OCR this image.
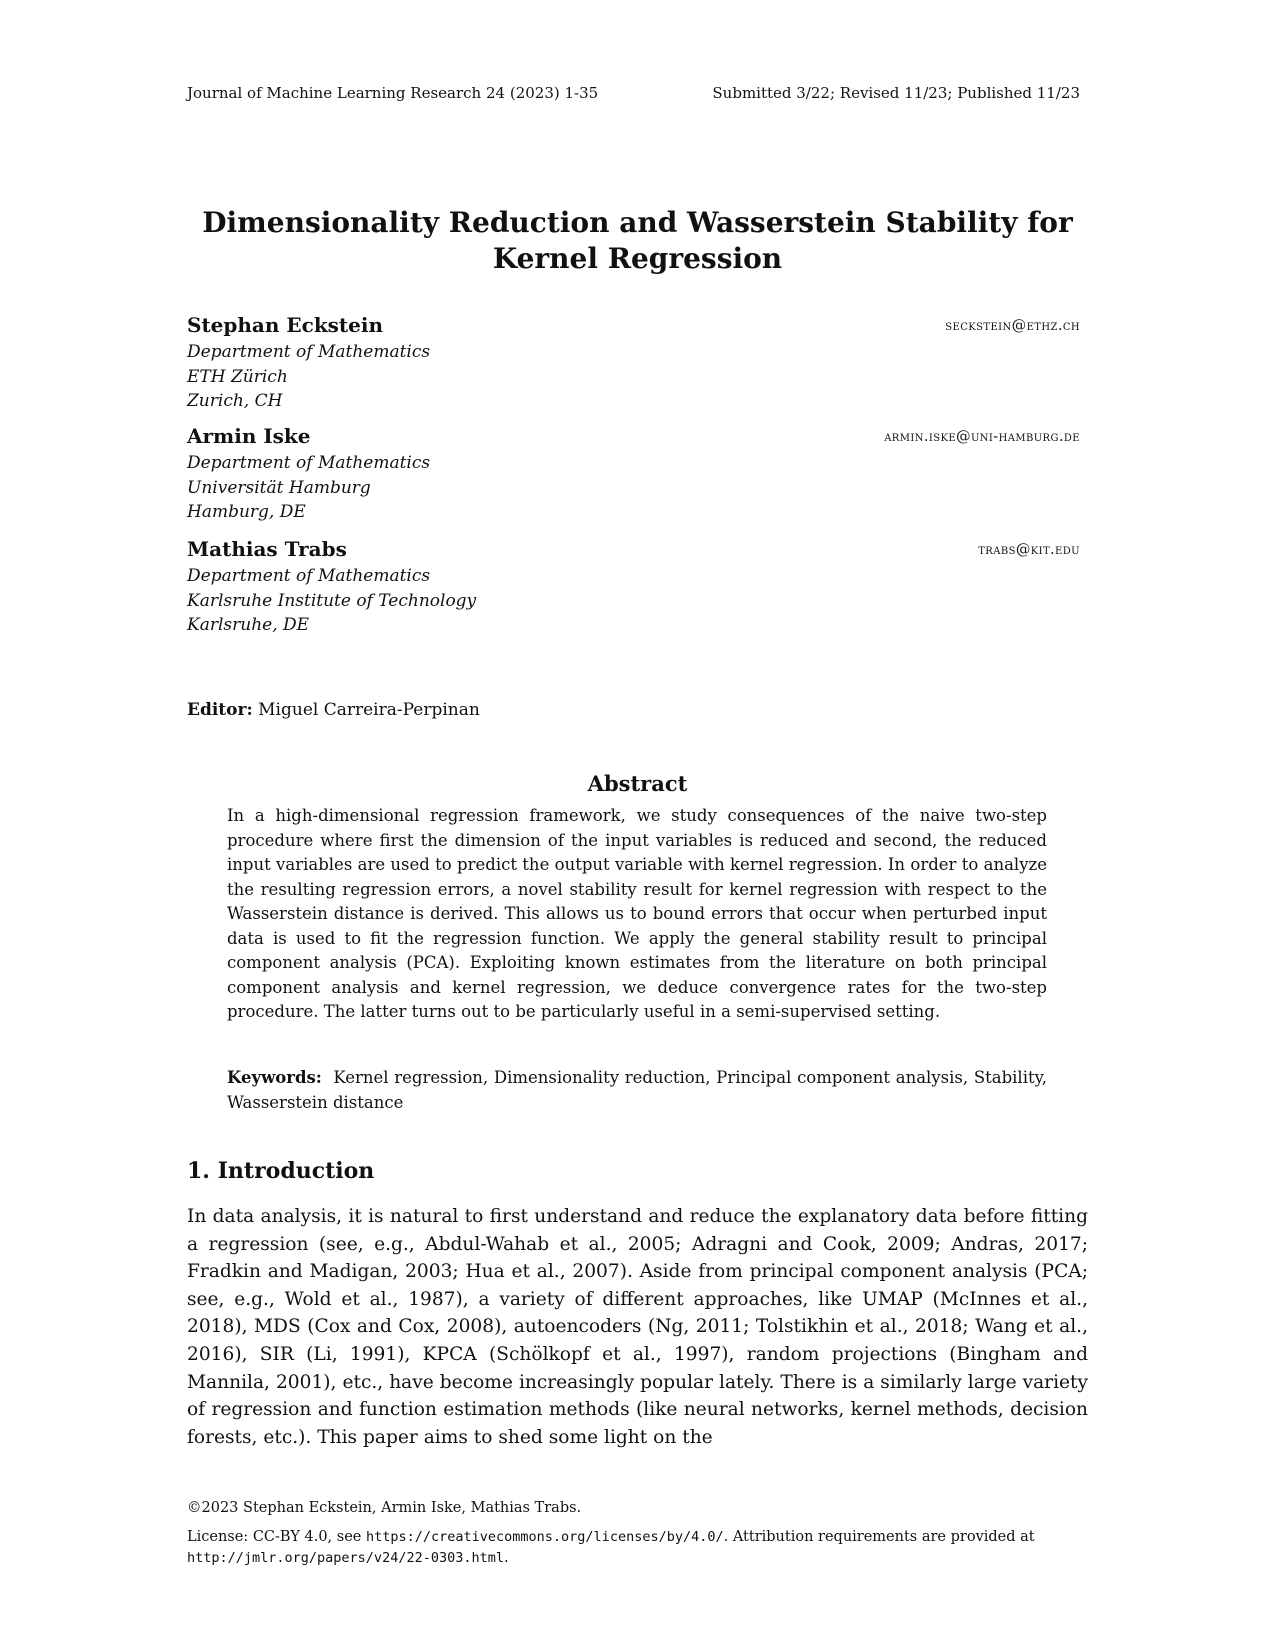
Journal of Machine Learning Research 24 (2023) 1-35	Submitted 3/22; Revised 11/23; Published 11/23
Dimensionality Reduction and Wasserstein Stability for
Kernel Regression
Stephan Eckstein	seckstein@ethz.ch
Department of Mathematics
ETH Zürich
Zurich, CH
Armin Iske	armin.iske@uni-hamburg.de
Department of Mathematics
Universität Hamburg
Hamburg, DE
Mathias Trabs	trabs@kit.edu
Department of Mathematics
Karlsruhe Institute of Technology
Karlsruhe, DE
Editor: Miguel Carreira-Perpinan
Abstract
In a high-dimensional regression framework, we study consequences of the naive two-step procedure where first the dimension of the input variables is reduced and second, the reduced input variables are used to predict the output variable with kernel regression. In order to analyze the resulting regression errors, a novel stability result for kernel regression with respect to the Wasserstein distance is derived. This allows us to bound errors that occur when perturbed input data is used to fit the regression function. We apply the general stability result to principal component analysis (PCA). Exploiting known estimates from the literature on both principal component analysis and kernel regression, we deduce convergence rates for the two-step procedure. The latter turns out to be particularly useful in a semi-supervised setting.
Keywords: Kernel regression, Dimensionality reduction, Principal component analysis, Stability, Wasserstein distance
1. Introduction
In data analysis, it is natural to first understand and reduce the explanatory data before fitting a regression (see, e.g., Abdul-Wahab et al., 2005; Adragni and Cook, 2009; Andras, 2017; Fradkin and Madigan, 2003; Hua et al., 2007). Aside from principal component analysis (PCA; see, e.g., Wold et al., 1987), a variety of different approaches, like UMAP (McInnes et al., 2018), MDS (Cox and Cox, 2008), autoencoders (Ng, 2011; Tolstikhin et al., 2018; Wang et al., 2016), SIR (Li, 1991), KPCA (Schölkopf et al., 1997), random projections (Bingham and Mannila, 2001), etc., have become increasingly popular lately. There is a similarly large variety of regression and function estimation methods (like neural networks, kernel methods, decision forests, etc.). This paper aims to shed some light on the
©2023 Stephan Eckstein, Armin Iske, Mathias Trabs.
License: CC-BY 4.0, see https://creativecommons.org/licenses/by/4.0/. Attribution requirements are provided at http://jmlr.org/papers/v24/22-0303.html.
